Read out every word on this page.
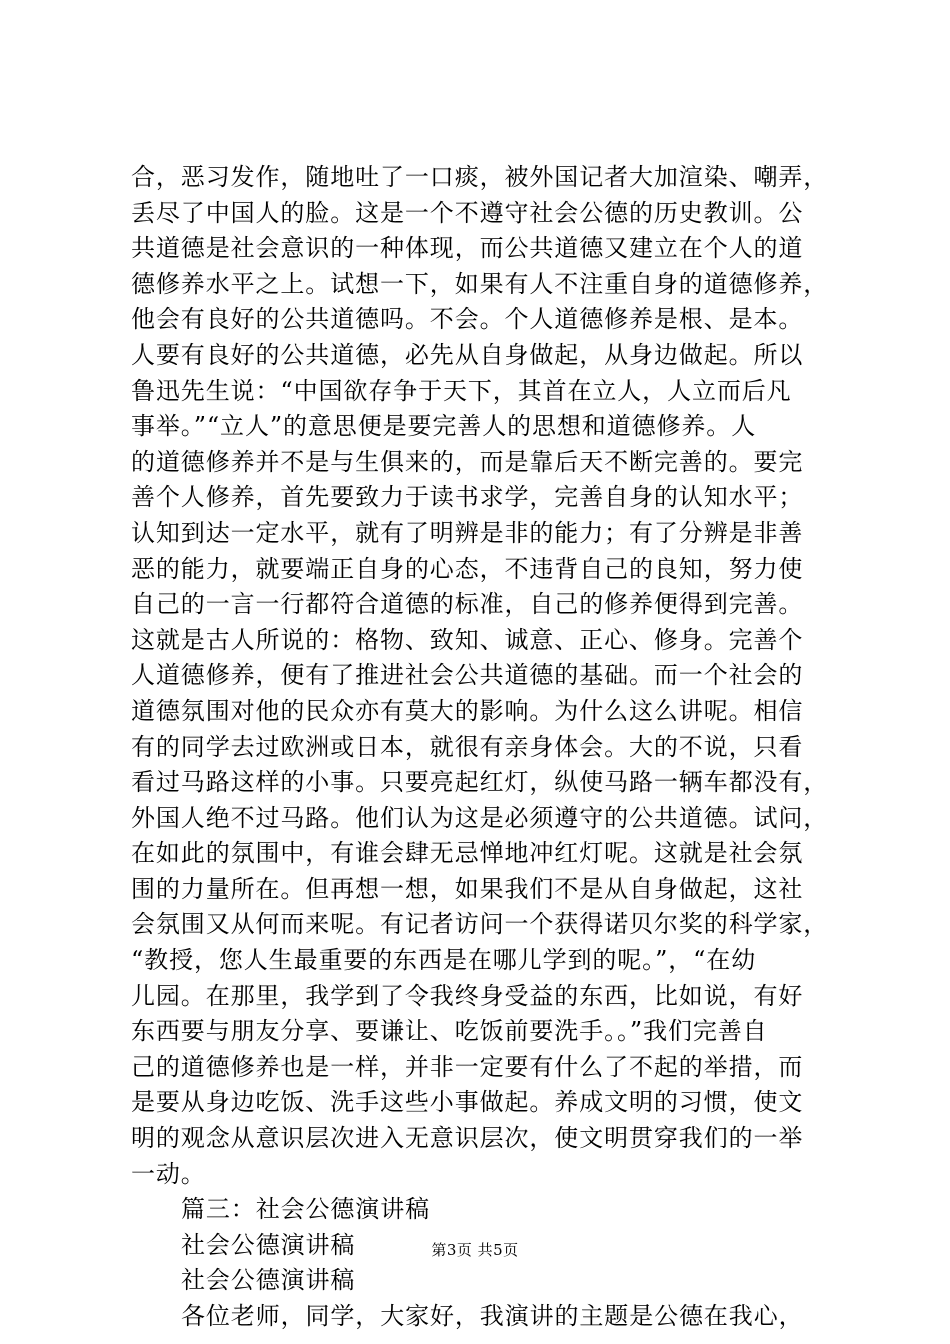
合，恶习发作，随地吐了一口痰，被外国记者大加渲染、嘲弄，
丢尽了中国人的脸。这是一个不遵守社会公德的历史教训。公
共道德是社会意识的一种体现，而公共道德又建立在个人的道
德修养水平之上。试想一下，如果有人不注重自身的道德修养，
他会有良好的公共道德吗。不会。个人道德修养是根、是本。
人要有良好的公共道德，必先从自身做起，从身边做起。所以
鲁迅先生说：“中国欲存争于天下，其首在立人，人立而后凡
事举。”“立人”的意思便是要完善人的思想和道德修养。人
的道德修养并不是与生俱来的，而是靠后天不断完善的。要完
善个人修养，首先要致力于读书求学，完善自身的认知水平；
认知到达一定水平，就有了明辨是非的能力；有了分辨是非善
恶的能力，就要端正自身的心态，不违背自己的良知，努力使
自己的一言一行都符合道德的标准，自己的修养便得到完善。
这就是古人所说的：格物、致知、诚意、正心、修身。完善个
人道德修养，便有了推进社会公共道德的基础。而一个社会的
道德氛围对他的民众亦有莫大的影响。为什么这么讲呢。相信
有的同学去过欧洲或日本，就很有亲身体会。大的不说，只看
看过马路这样的小事。只要亮起红灯，纵使马路一辆车都没有，
外国人绝不过马路。他们认为这是必须遵守的公共道德。试问，
在如此的氛围中，有谁会肆无忌惮地冲红灯呢。这就是社会氛
围的力量所在。但再想一想，如果我们不是从自身做起，这社
会氛围又从何而来呢。有记者访问一个获得诺贝尔奖的科学家，
“教授，您人生最重要的东西是在哪儿学到的呢。”，“在幼
儿园。在那里，我学到了令我终身受益的东西，比如说，有好
东西要与朋友分享、要谦让、吃饭前要洗手。。”我们完善自
己的道德修养也是一样，并非一定要有什么了不起的举措，而
是要从身边吃饭、洗手这些小事做起。养成文明的习惯，使文
明的观念从意识层次进入无意识层次，使文明贯穿我们的一举
一动。
篇三：社会公德演讲稿
社会公德演讲稿
社会公德演讲稿
各位老师，同学，大家好，我演讲的主题是公德在我心，
第3页 共5页
